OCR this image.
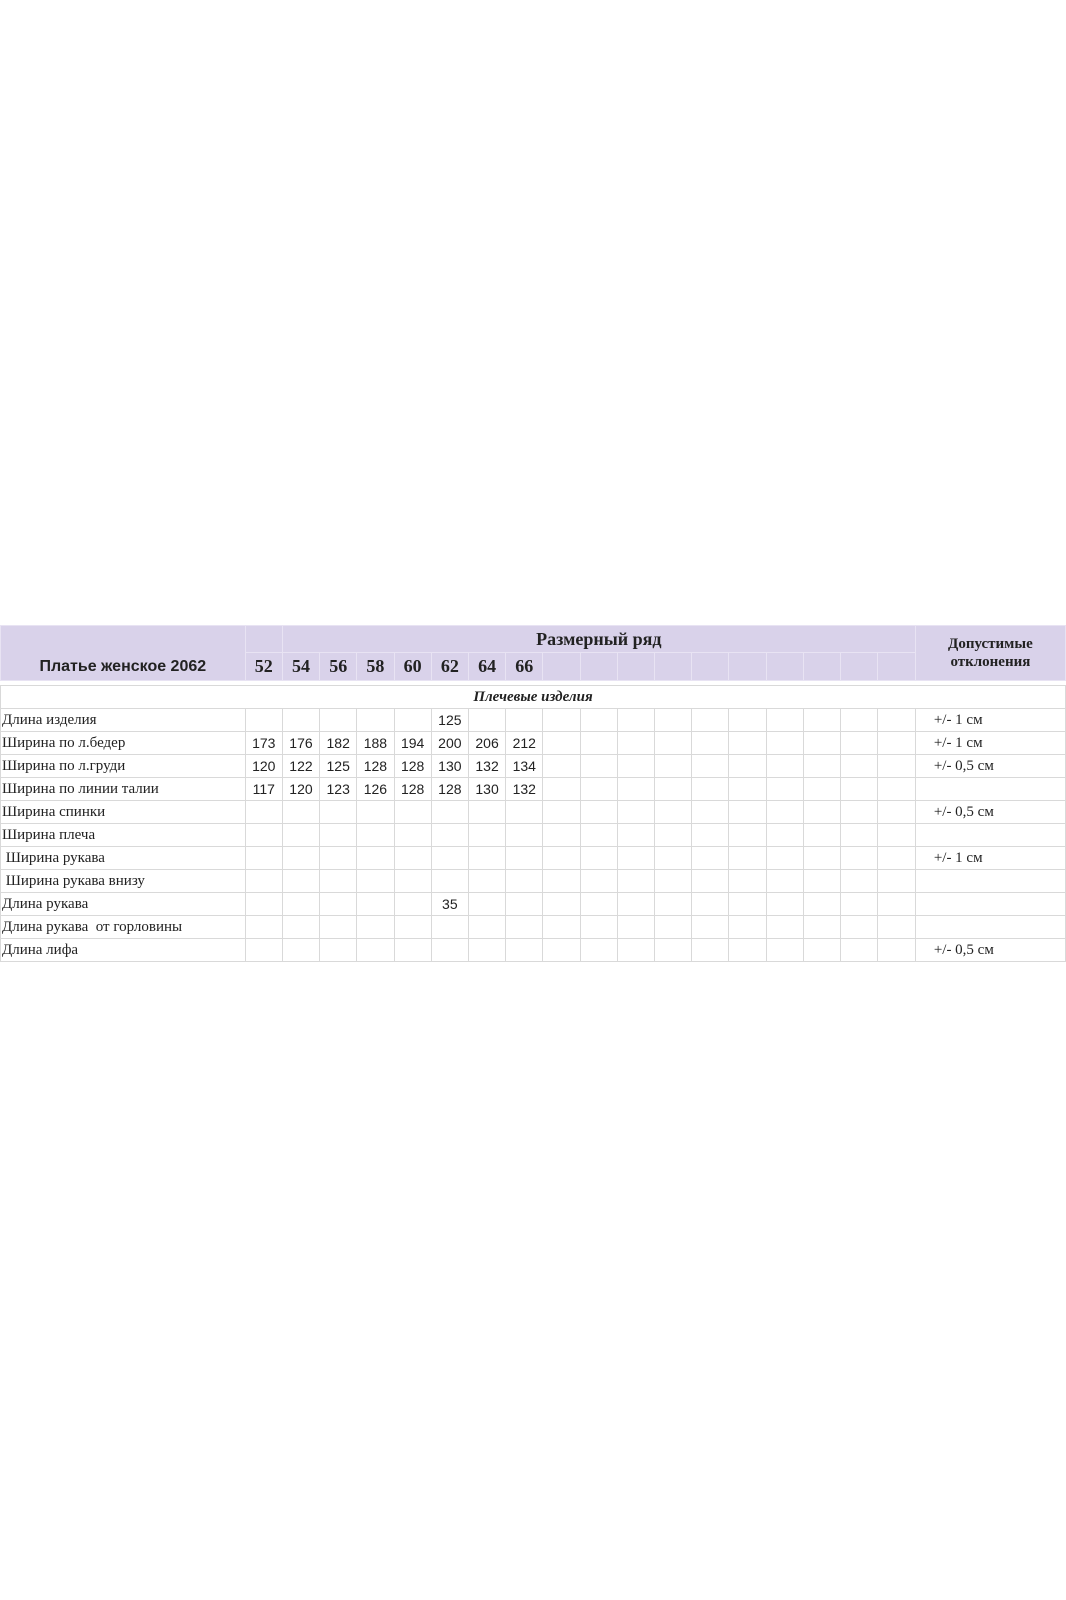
Платье женское 2062		Размерный ряд																	Допустимые
отклонения

	52	54	56	58	60	62	64	66											

Плечевые изделия																			
Длина изделия						125													+/- 1 см
Ширина по л.бедер	173	176	182	188	194	200	206	212											+/- 1 см
Ширина по л.груди	120	122	125	128	128	130	132	134											+/- 0,5 см
Ширина по линии талии	117	120	123	126	128	128	130	132											
Ширина спинки																			+/- 0,5 см
Ширина плеча																			
Ширина рукава																			+/- 1 см
Ширина рукава внизу																			
Длина рукава						35													
Длина рукава  от горловины																			
Длина лифа																			+/- 0,5 см
